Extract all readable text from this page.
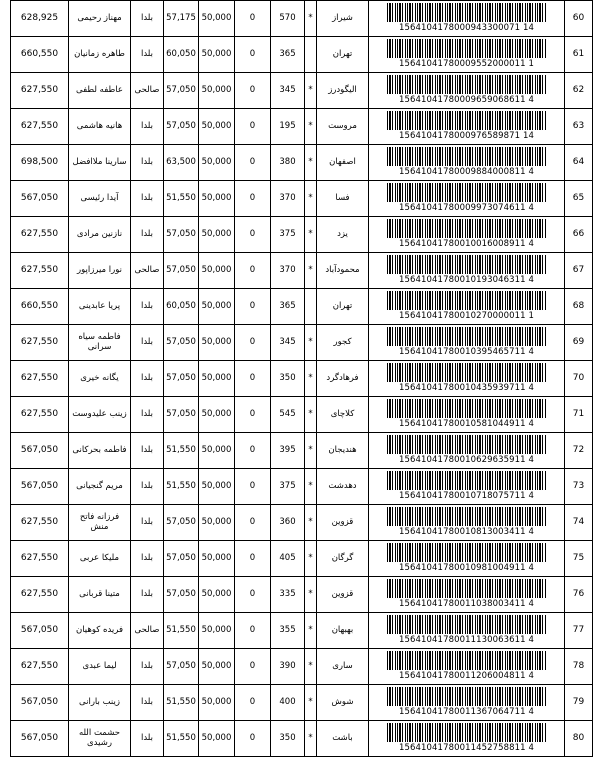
628,925	مهناز رحیمی	بلدا	57,175	50,000	0	570	*	شیراز	1564104178000943300071 14	60
660,550	طاهره زمانیان	بلدا	60,050	50,000	0	365		تهران	15641041780009552000011 1	61
627,550	عاطفه لطفی	صالحی	57,050	50,000	0	345	*	الیگودرز	15641041780009659068611 4	62
627,550	هانیه هاشمی	بلدا	57,050	50,000	0	195	*	مروست	1564104178000976589871 14	63
698,500	سارینا ملاافضل	بلدا	63,500	50,000	0	380	*	اصفهان	15641041780009884000811 4	64
567,050	آیدا رئیسی	بلدا	51,550	50,000	0	370	*	فسا	15641041780009973074611 4	65
627,550	نازنین مرادی	بلدا	57,050	50,000	0	375	*	یزد	15641041780010016008911 4	66
627,550	نورا میرزاپور	صالحی	57,050	50,000	0	370	*	محمودآباد	15641041780010193046311 4	67
660,550	پریا عابدینی	بلدا	60,050	50,000	0	365		تهران	15641041780010270000011 1	68
627,550	فاطمه سیاه سرانی	بلدا	57,050	50,000	0	345	*	کجور	15641041780010395465711 4	69
627,550	یگانه خیری	بلدا	57,050	50,000	0	350	*	فرهادگرد	15641041780010435939711 4	70
627,550	زینب علیدوست	بلدا	57,050	50,000	0	545	*	کلاچای	15641041780010581044911 4	71
567,050	فاطمه بحرکانی	بلدا	51,550	50,000	0	395	*	هندیجان	15641041780010629635911 4	72
567,050	مریم گنجیانی	بلدا	51,550	50,000	0	375	*	دهدشت	15641041780010718075711 4	73
627,550	فرزانه فاتح منش	بلدا	57,050	50,000	0	360	*	قزوین	15641041780010813003411 4	74
627,550	ملیکا عربی	بلدا	57,050	50,000	0	405	*	گرگان	15641041780010981004911 4	75
627,550	متینا قربانی	بلدا	57,050	50,000	0	335	*	قزوین	15641041780011038003411 4	76
567,050	فریده کوهیان	صالحی	51,550	50,000	0	355	*	بهبهان	15641041780011130063611 4	77
627,550	لیما عبدی	بلدا	57,050	50,000	0	390	*	ساری	15641041780011206004811 4	78
567,050	زینب بارانی	بلدا	51,550	50,000	0	400	*	شوش	15641041780011367064711 4	79
567,050	حشمت الله رشیدی	بلدا	51,550	50,000	0	350	*	باشت	15641041780011452758811 4	80
